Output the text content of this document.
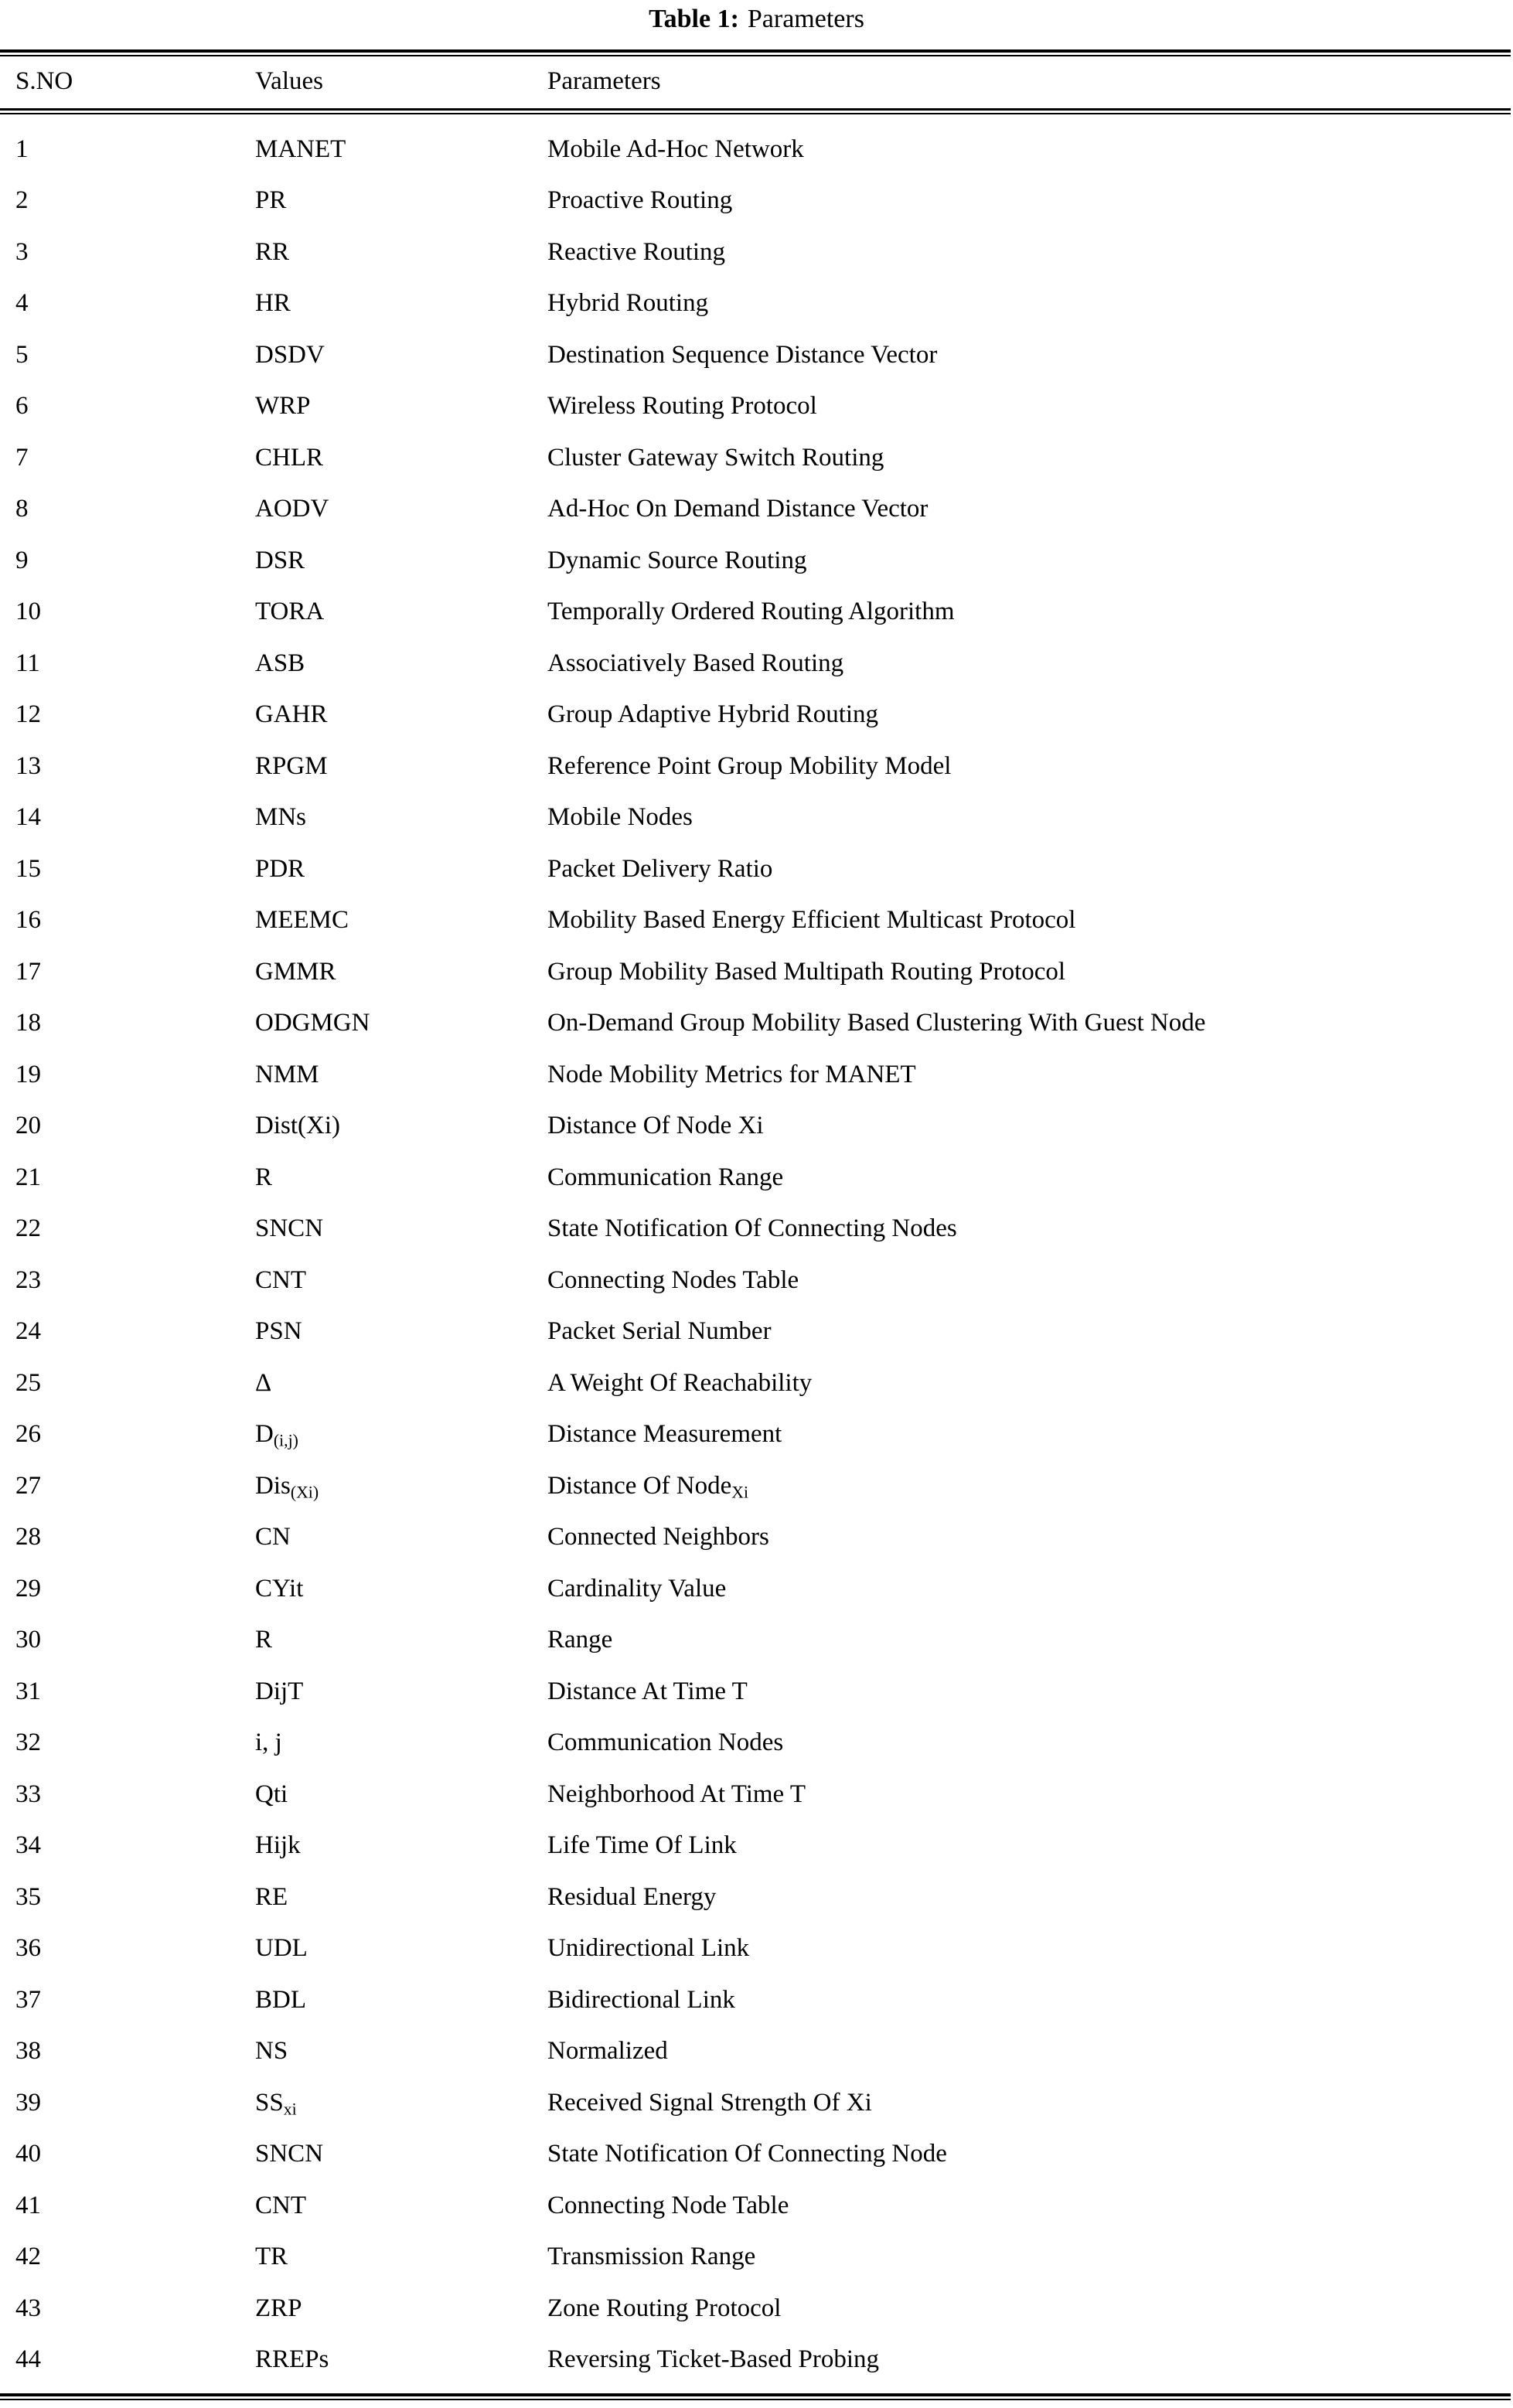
Table 1: Parameters

S.NO	Values	Parameters

1	MANET	Mobile Ad-Hoc Network
2	PR	Proactive Routing
3	RR	Reactive Routing
4	HR	Hybrid Routing
5	DSDV	Destination Sequence Distance Vector
6	WRP	Wireless Routing Protocol
7	CHLR	Cluster Gateway Switch Routing
8	AODV	Ad-Hoc On Demand Distance Vector
9	DSR	Dynamic Source Routing
10	TORA	Temporally Ordered Routing Algorithm
11	ASB	Associatively Based Routing
12	GAHR	Group Adaptive Hybrid Routing
13	RPGM	Reference Point Group Mobility Model
14	MNs	Mobile Nodes
15	PDR	Packet Delivery Ratio
16	MEEMC	Mobility Based Energy Efficient Multicast Protocol
17	GMMR	Group Mobility Based Multipath Routing Protocol
18	ODGMGN	On-Demand Group Mobility Based Clustering With Guest Node
19	NMM	Node Mobility Metrics for MANET
20	Dist(Xi)	Distance Of Node Xi
21	R	Communication Range
22	SNCN	State Notification Of Connecting Nodes
23	CNT	Connecting Nodes Table
24	PSN	Packet Serial Number
25	Δ	A Weight Of Reachability
26	$D_{(i,j)}$	Distance Measurement
27	Dis$_{(Xi)}$	Distance Of Node$_{Xi}$
28	CN	Connected Neighbors
29	CYit	Cardinality Value
30	R	Range
31	DijT	Distance At Time T
32	i, j	Communication Nodes
33	Qti	Neighborhood At Time T
34	Hijk	Life Time Of Link
35	RE	Residual Energy
36	UDL	Unidirectional Link
37	BDL	Bidirectional Link
38	NS	Normalized
39	$SS_{xi}$	Received Signal Strength Of Xi
40	SNCN	State Notification Of Connecting Node
41	CNT	Connecting Node Table
42	TR	Transmission Range
43	ZRP	Zone Routing Protocol
44	RREPs	Reversing Ticket-Based Probing
